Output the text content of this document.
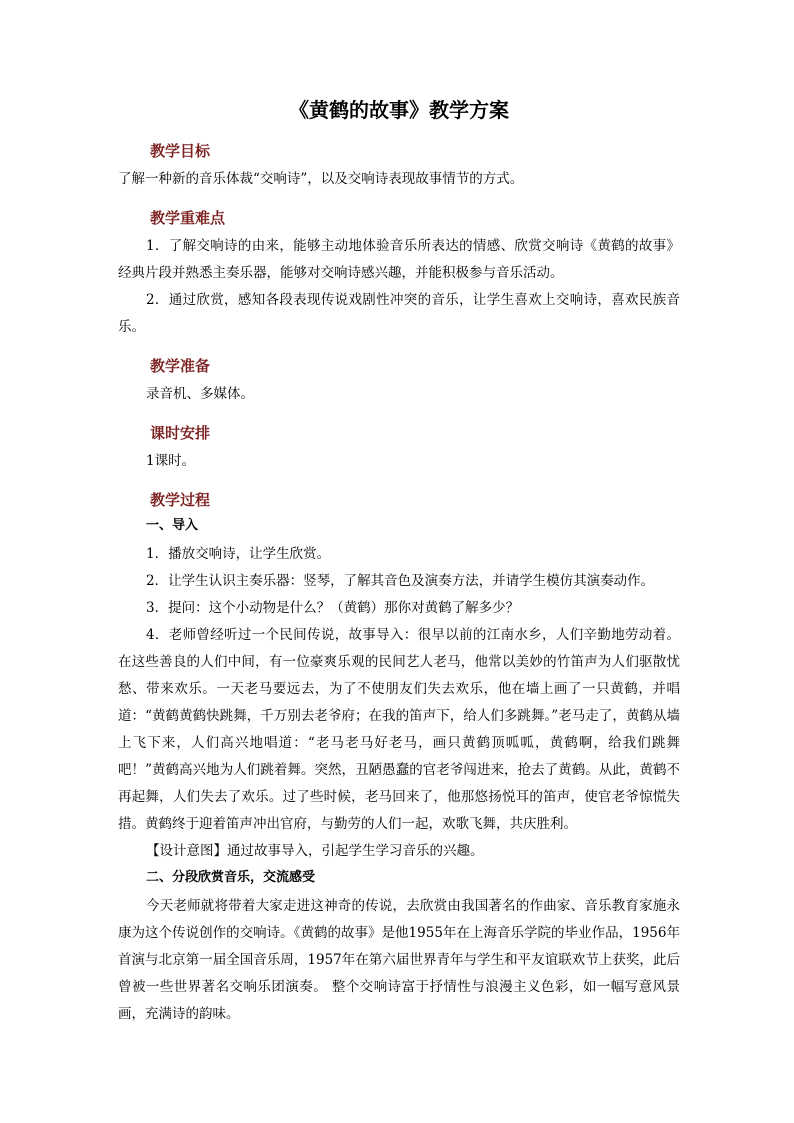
《黄鹤的故事》教学方案
教学目标

了解一种新的音乐体裁“交响诗”，以及交响诗表现故事情节的方式。

教学重难点

1．了解交响诗的由来，能够主动地体验音乐所表达的情感、欣赏交响诗《黄鹤的故事》经典片段并熟悉主奏乐器，能够对交响诗感兴趣，并能积极参与音乐活动。

2．通过欣赏，感知各段表现传说戏剧性冲突的音乐，让学生喜欢上交响诗，喜欢民族音乐。

教学准备

录音机、多媒体。

课时安排

1课时。

教学过程
一、导入

1．播放交响诗，让学生欣赏。

2．让学生认识主奏乐器：竖琴，了解其音色及演奏方法，并请学生模仿其演奏动作。

3．提问：这个小动物是什么？（黄鹤）那你对黄鹤了解多少？

4．老师曾经听过一个民间传说，故事导入：很早以前的江南水乡，人们辛勤地劳动着。在这些善良的人们中间，有一位豪爽乐观的民间艺人老马，他常以美妙的竹笛声为人们驱散忧愁、带来欢乐。一天老马要远去，为了不使朋友们失去欢乐，他在墙上画了一只黄鹤，并唱道：“黄鹤黄鹤快跳舞，千万别去老爷府；在我的笛声下，给人们多跳舞。”老马走了，黄鹤从墙上飞下来，人们高兴地唱道：“老马老马好老马，画只黄鹤顶呱呱，黄鹤啊，给我们跳舞吧！”黄鹤高兴地为人们跳着舞。突然，丑陋愚蠢的官老爷闯进来，抢去了黄鹤。从此，黄鹤不再起舞，人们失去了欢乐。过了些时候，老马回来了，他那悠扬悦耳的笛声，使官老爷惊慌失措。黄鹤终于迎着笛声冲出官府，与勤劳的人们一起，欢歌飞舞，共庆胜利。

【设计意图】通过故事导入，引起学生学习音乐的兴趣。

二、分段欣赏音乐，交流感受

今天老师就将带着大家走进这神奇的传说，去欣赏由我国著名的作曲家、音乐教育家施永康为这个传说创作的交响诗。《黄鹤的故事》是他1955年在上海音乐学院的毕业作品，1956年首演与北京第一届全国音乐周，1957年在第六届世界青年与学生和平友谊联欢节上获奖，此后曾被一些世界著名交响乐团演奏。 整个交响诗富于抒情性与浪漫主义色彩，如一幅写意风景画，充满诗的韵味。
